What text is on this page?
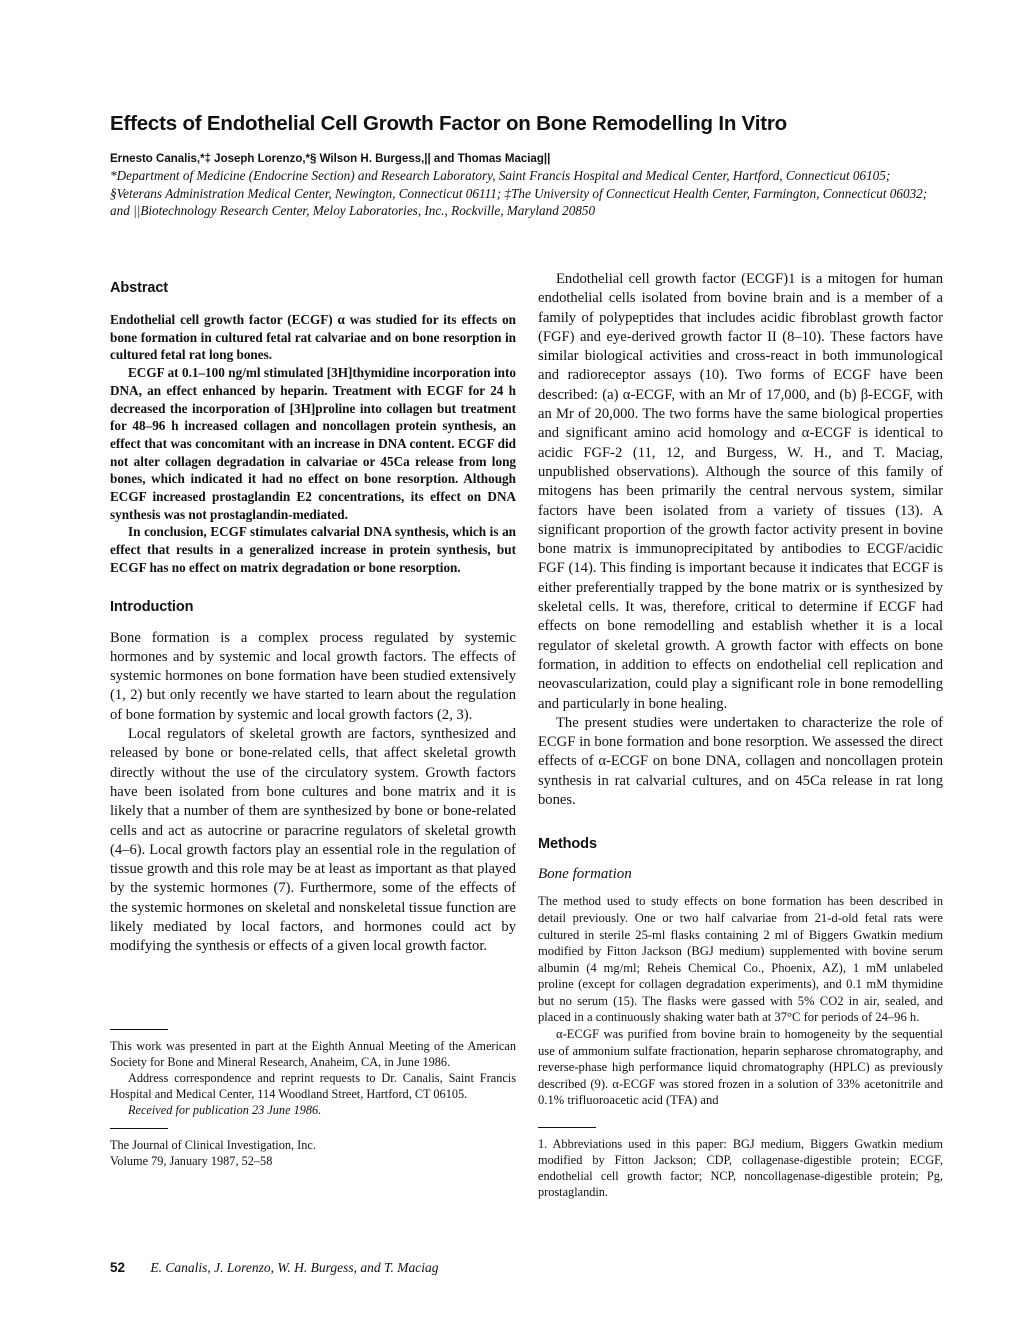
Effects of Endothelial Cell Growth Factor on Bone Remodelling In Vitro
Ernesto Canalis,*‡ Joseph Lorenzo,*§ Wilson H. Burgess,|| and Thomas Maciag||
*Department of Medicine (Endocrine Section) and Research Laboratory, Saint Francis Hospital and Medical Center, Hartford, Connecticut 06105; §Veterans Administration Medical Center, Newington, Connecticut 06111; ‡The University of Connecticut Health Center, Farmington, Connecticut 06032; and ||Biotechnology Research Center, Meloy Laboratories, Inc., Rockville, Maryland 20850
Abstract

Endothelial cell growth factor (ECGF) α was studied for its effects on bone formation in cultured fetal rat calvariae and on bone resorption in cultured fetal rat long bones.

ECGF at 0.1–100 ng/ml stimulated [3H]thymidine incorporation into DNA, an effect enhanced by heparin. Treatment with ECGF for 24 h decreased the incorporation of [3H]proline into collagen but treatment for 48–96 h increased collagen and noncollagen protein synthesis, an effect that was concomitant with an increase in DNA content. ECGF did not alter collagen degradation in calvariae or 45Ca release from long bones, which indicated it had no effect on bone resorption. Although ECGF increased prostaglandin E2 concentrations, its effect on DNA synthesis was not prostaglandin-mediated.

In conclusion, ECGF stimulates calvarial DNA synthesis, which is an effect that results in a generalized increase in protein synthesis, but ECGF has no effect on matrix degradation or bone resorption.

Introduction

Bone formation is a complex process regulated by systemic hormones and by systemic and local growth factors. The effects of systemic hormones on bone formation have been studied extensively (1, 2) but only recently we have started to learn about the regulation of bone formation by systemic and local growth factors (2, 3).

Local regulators of skeletal growth are factors, synthesized and released by bone or bone-related cells, that affect skeletal growth directly without the use of the circulatory system. Growth factors have been isolated from bone cultures and bone matrix and it is likely that a number of them are synthesized by bone or bone-related cells and act as autocrine or paracrine regulators of skeletal growth (4–6). Local growth factors play an essential role in the regulation of tissue growth and this role may be at least as important as that played by the systemic hormones (7). Furthermore, some of the effects of the systemic hormones on skeletal and nonskeletal tissue function are likely mediated by local factors, and hormones could act by modifying the synthesis or effects of a given local growth factor.

This work was presented in part at the Eighth Annual Meeting of the American Society for Bone and Mineral Research, Anaheim, CA, in June 1986.

Address correspondence and reprint requests to Dr. Canalis, Saint Francis Hospital and Medical Center, 114 Woodland Street, Hartford, CT 06105.

Received for publication 23 June 1986.

The Journal of Clinical Investigation, Inc.

Volume 79, January 1987, 52–58

Endothelial cell growth factor (ECGF)1 is a mitogen for human endothelial cells isolated from bovine brain and is a member of a family of polypeptides that includes acidic fibroblast growth factor (FGF) and eye-derived growth factor II (8–10). These factors have similar biological activities and cross-react in both immunological and radioreceptor assays (10). Two forms of ECGF have been described: (a) α-ECGF, with an Mr of 17,000, and (b) β-ECGF, with an Mr of 20,000. The two forms have the same biological properties and significant amino acid homology and α-ECGF is identical to acidic FGF-2 (11, 12, and Burgess, W. H., and T. Maciag, unpublished observations). Although the source of this family of mitogens has been primarily the central nervous system, similar factors have been isolated from a variety of tissues (13). A significant proportion of the growth factor activity present in bovine bone matrix is immunoprecipitated by antibodies to ECGF/acidic FGF (14). This finding is important because it indicates that ECGF is either preferentially trapped by the bone matrix or is synthesized by skeletal cells. It was, therefore, critical to determine if ECGF had effects on bone remodelling and establish whether it is a local regulator of skeletal growth. A growth factor with effects on bone formation, in addition to effects on endothelial cell replication and neovascularization, could play a significant role in bone remodelling and particularly in bone healing.

The present studies were undertaken to characterize the role of ECGF in bone formation and bone resorption. We assessed the direct effects of α-ECGF on bone DNA, collagen and noncollagen protein synthesis in rat calvarial cultures, and on 45Ca release in rat long bones.

Methods
Bone formation

The method used to study effects on bone formation has been described in detail previously. One or two half calvariae from 21-d-old fetal rats were cultured in sterile 25-ml flasks containing 2 ml of Biggers Gwatkin medium modified by Fitton Jackson (BGJ medium) supplemented with bovine serum albumin (4 mg/ml; Reheis Chemical Co., Phoenix, AZ), 1 mM unlabeled proline (except for collagen degradation experiments), and 0.1 mM thymidine but no serum (15). The flasks were gassed with 5% CO2 in air, sealed, and placed in a continuously shaking water bath at 37°C for periods of 24–96 h.

α-ECGF was purified from bovine brain to homogeneity by the sequential use of ammonium sulfate fractionation, heparin sepharose chromatography, and reverse-phase high performance liquid chromatography (HPLC) as previously described (9). α-ECGF was stored frozen in a solution of 33% acetonitrile and 0.1% trifluoroacetic acid (TFA) and

1. Abbreviations used in this paper: BGJ medium, Biggers Gwatkin medium modified by Fitton Jackson; CDP, collagenase-digestible protein; ECGF, endothelial cell growth factor; NCP, noncollagenase-digestible protein; Pg, prostaglandin.

52 E. Canalis, J. Lorenzo, W. H. Burgess, and T. Maciag
